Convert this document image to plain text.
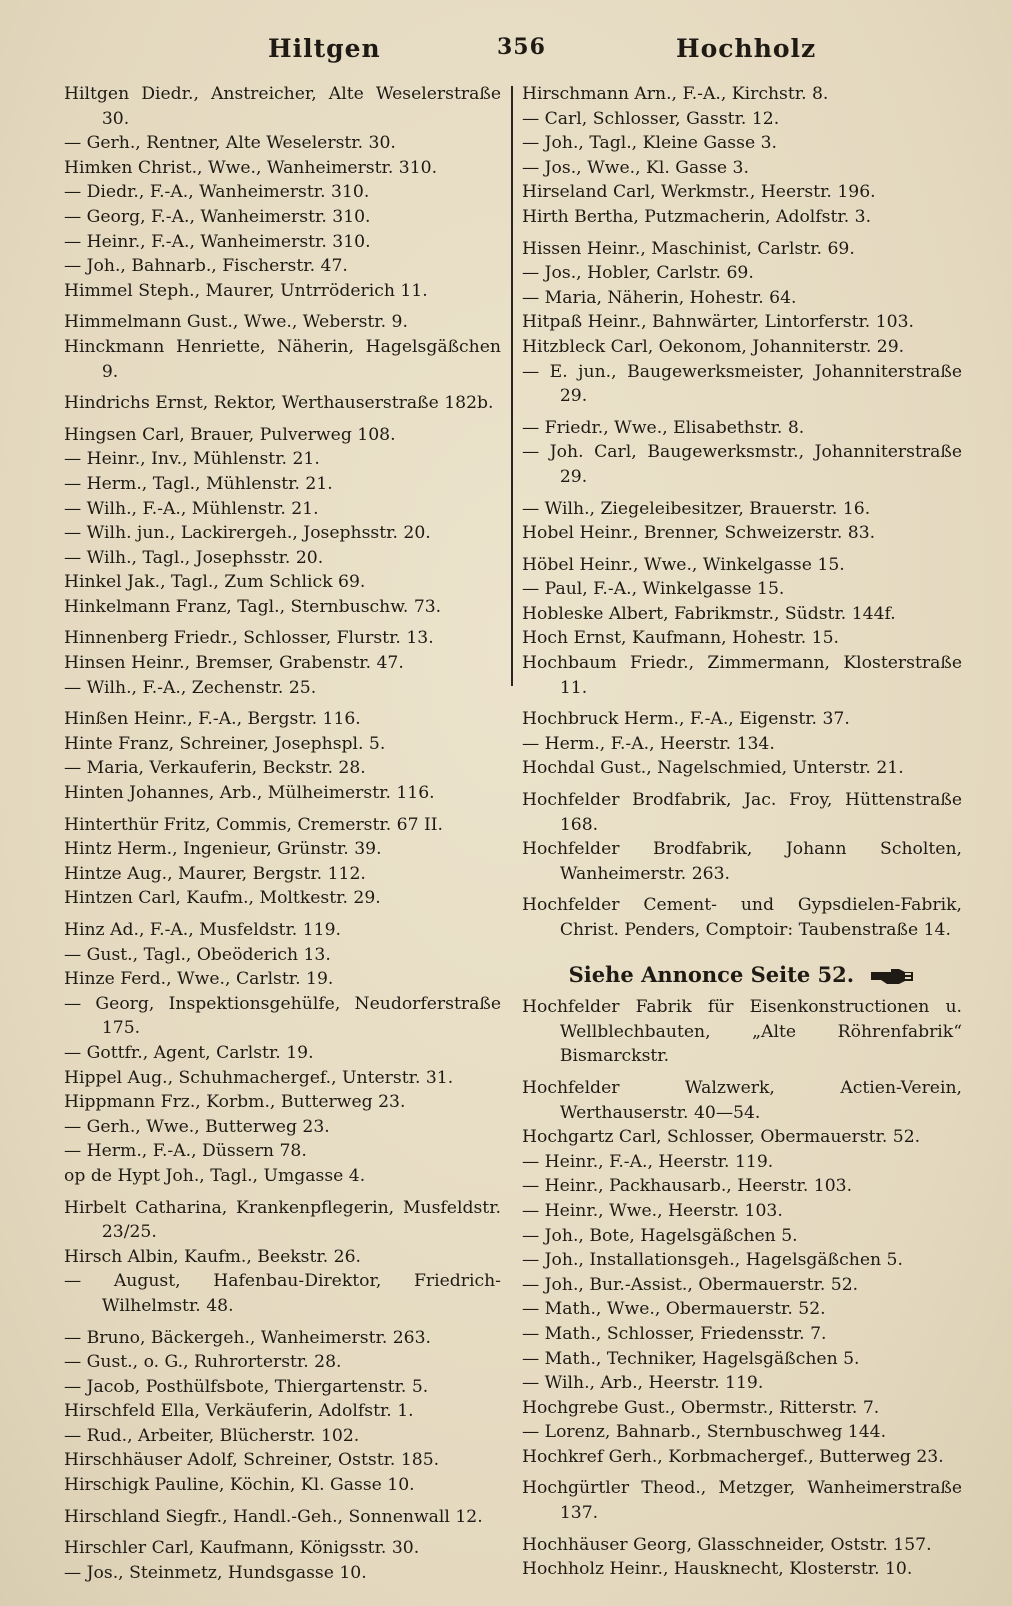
Hiltgen	356	Hochholz

Hiltgen Diedr., Anstreicher, Alte Weselerstraße 30.

— Gerh., Rentner, Alte Weselerstr. 30.

Himken Christ., Wwe., Wanheimerstr. 310.

— Diedr., F.-A., Wanheimerstr. 310.

— Georg, F.-A., Wanheimerstr. 310.

— Heinr., F.-A., Wanheimerstr. 310.

— Joh., Bahnarb., Fischerstr. 47.

Himmel Steph., Maurer, Untrröderich 11.

Himmelmann Gust., Wwe., Weberstr. 9.

Hinckmann Henriette, Näherin, Hagelsgäßchen 9.

Hindrichs Ernst, Rektor, Werthauserstraße 182b.

Hingsen Carl, Brauer, Pulverweg 108.

— Heinr., Inv., Mühlenstr. 21.

— Herm., Tagl., Mühlenstr. 21.

— Wilh., F.-A., Mühlenstr. 21.

— Wilh. jun., Lackirergeh., Josephsstr. 20.

— Wilh., Tagl., Josephsstr. 20.

Hinkel Jak., Tagl., Zum Schlick 69.

Hinkelmann Franz, Tagl., Sternbuschw. 73.

Hinnenberg Friedr., Schlosser, Flurstr. 13.

Hinsen Heinr., Bremser, Grabenstr. 47.

— Wilh., F.-A., Zechenstr. 25.

Hinßen Heinr., F.-A., Bergstr. 116.

Hinte Franz, Schreiner, Josephspl. 5.

— Maria, Verkauferin, Beckstr. 28.

Hinten Johannes, Arb., Mülheimerstr. 116.

Hinterthür Fritz, Commis, Cremerstr. 67 II.

Hintz Herm., Ingenieur, Grünstr. 39.

Hintze Aug., Maurer, Bergstr. 112.

Hintzen Carl, Kaufm., Moltkestr. 29.

Hinz Ad., F.-A., Musfeldstr. 119.

— Gust., Tagl., Obeöderich 13.

Hinze Ferd., Wwe., Carlstr. 19.

— Georg, Inspektionsgehülfe, Neudorferstraße 175.

— Gottfr., Agent, Carlstr. 19.

Hippel Aug., Schuhmachergef., Unterstr. 31.

Hippmann Frz., Korbm., Butterweg 23.

— Gerh., Wwe., Butterweg 23.

— Herm., F.-A., Düssern 78.

op de Hypt Joh., Tagl., Umgasse 4.

Hirbelt Catharina, Krankenpflegerin, Musfeldstr. 23/25.

Hirsch Albin, Kaufm., Beekstr. 26.

— August, Hafenbau-Direktor, Friedrich-Wilhelmstr. 48.

— Bruno, Bäckergeh., Wanheimerstr. 263.

— Gust., o. G., Ruhrorterstr. 28.

— Jacob, Posthülfsbote, Thiergartenstr. 5.

Hirschfeld Ella, Verkäuferin, Adolfstr. 1.

— Rud., Arbeiter, Blücherstr. 102.

Hirschhäuser Adolf, Schreiner, Oststr. 185.

Hirschigk Pauline, Köchin, Kl. Gasse 10.

Hirschland Siegfr., Handl.-Geh., Sonnenwall 12.

Hirschler Carl, Kaufmann, Königsstr. 30.

— Jos., Steinmetz, Hundsgasse 10.

Hirschmann Arn., F.-A., Kirchstr. 8.

— Carl, Schlosser, Gasstr. 12.

— Joh., Tagl., Kleine Gasse 3.

— Jos., Wwe., Kl. Gasse 3.

Hirseland Carl, Werkmstr., Heerstr. 196.

Hirth Bertha, Putzmacherin, Adolfstr. 3.

Hissen Heinr., Maschinist, Carlstr. 69.

— Jos., Hobler, Carlstr. 69.

— Maria, Näherin, Hohestr. 64.

Hitpaß Heinr., Bahnwärter, Lintorferstr. 103.

Hitzbleck Carl, Oekonom, Johanniterstr. 29.

— E. jun., Baugewerksmeister, Johanniterstraße 29.

— Friedr., Wwe., Elisabethstr. 8.

— Joh. Carl, Baugewerksmstr., Johanniterstraße 29.

— Wilh., Ziegeleibesitzer, Brauerstr. 16.

Hobel Heinr., Brenner, Schweizerstr. 83.

Höbel Heinr., Wwe., Winkelgasse 15.

— Paul, F.-A., Winkelgasse 15.

Hobleske Albert, Fabrikmstr., Südstr. 144f.

Hoch Ernst, Kaufmann, Hohestr. 15.

Hochbaum Friedr., Zimmermann, Klosterstraße 11.

Hochbruck Herm., F.-A., Eigenstr. 37.

— Herm., F.-A., Heerstr. 134.

Hochdal Gust., Nagelschmied, Unterstr. 21.

Hochfelder Brodfabrik, Jac. Froy, Hüttenstraße 168.

Hochfelder Brodfabrik, Johann Scholten, Wanheimerstr. 263.

Hochfelder Cement- und Gypsdielen-Fabrik, Christ. Penders, Comptoir: Taubenstraße 14.

Siehe Annonce Seite 52.

Hochfelder Fabrik für Eisenkonstructionen u. Wellblechbauten, „Alte Röhrenfabrik“ Bismarckstr.

Hochfelder Walzwerk, Actien-Verein, Werthauserstr. 40—54.

Hochgartz Carl, Schlosser, Obermauerstr. 52.

— Heinr., F.-A., Heerstr. 119.

— Heinr., Packhausarb., Heerstr. 103.

— Heinr., Wwe., Heerstr. 103.

— Joh., Bote, Hagelsgäßchen 5.

— Joh., Installationsgeh., Hagelsgäßchen 5.

— Joh., Bur.-Assist., Obermauerstr. 52.

— Math., Wwe., Obermauerstr. 52.

— Math., Schlosser, Friedensstr. 7.

— Math., Techniker, Hagelsgäßchen 5.

— Wilh., Arb., Heerstr. 119.

Hochgrebe Gust., Obermstr., Ritterstr. 7.

— Lorenz, Bahnarb., Sternbuschweg 144.

Hochkref Gerh., Korbmachergef., Butterweg 23.

Hochgürtler Theod., Metzger, Wanheimerstraße 137.

Hochhäuser Georg, Glasschneider, Oststr. 157.

Hochholz Heinr., Hausknecht, Klosterstr. 10.
